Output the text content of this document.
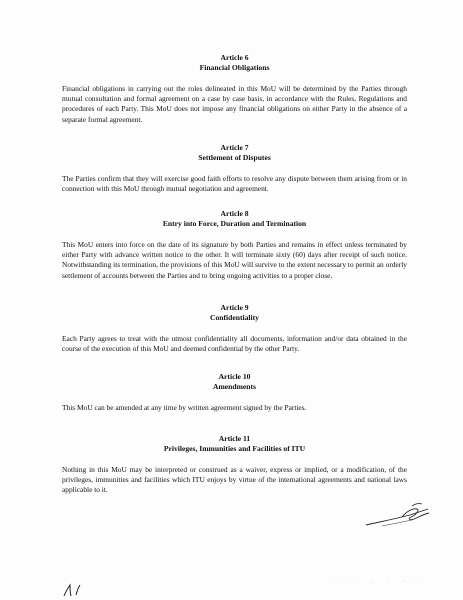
Article 6
Financial Obligations

Financial obligations in carrying out the roles delineated in this MoU will be determined by the Parties through mutual consultation and formal agreement on a case by case basis, in accordance with the Rules, Regulations and procedures of each Party. This MoU does not impose any financial obligations on either Party in the absence of a separate formal agreement.

Article 7
Settlement of Disputes

The Parties confirm that they will exercise good faith efforts to resolve any dispute between them arising from or in connection with this MoU through mutual negotiation and agreement.

Article 8
Entry into Force, Duration and Termination

This MoU enters into force on the date of its signature by both Parties and remains in effect unless terminated by either Party with advance written notice to the other. It will terminate sixty (60) days after receipt of such notice. Notwithstanding its termination, the provisions of this MoU will survive to the extent necessary to permit an orderly settlement of accounts between the Parties and to bring ongoing activities to a proper close.

Article 9
Confidentiality

Each Party agrees to treat with the utmost confidentiality all documents, information and/or data obtained in the course of the execution of this MoU and deemed confidential by the other Party.

Article 10
Amendments

This MoU can be amended at any time by written agreement signed by the Parties.

Article 11
Privileges, Immunities and Facilities of ITU

Nothing in this MoU may be interpreted or construed as a waiver, express or implied, or a modification, of the privileges, immunities and facilities which ITU enjoys by virtue of the international agreements and national laws applicable to it.
